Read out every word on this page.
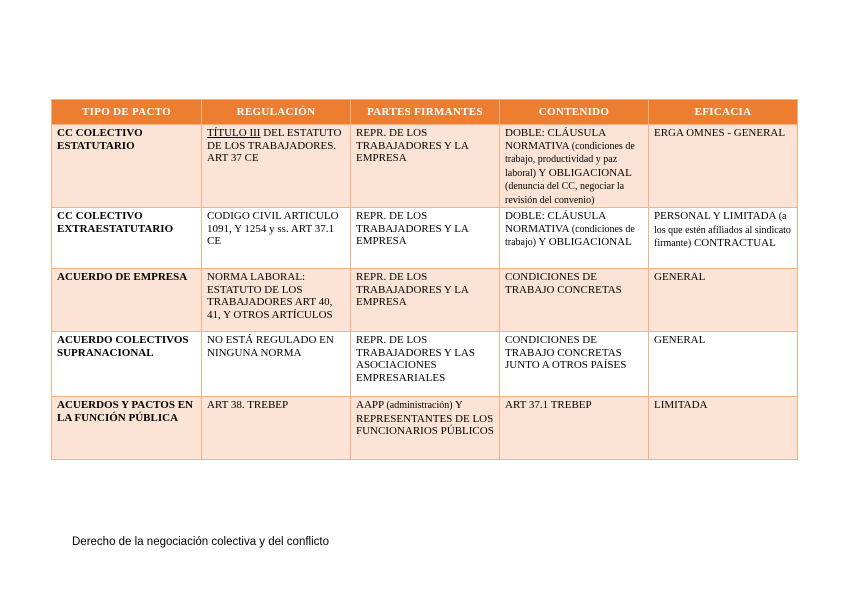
TIPO DE PACTO	REGULACIÓN	PARTES FIRMANTES	CONTENIDO	EFICACIA
CC COLECTIVO ESTATUTARIO	TÍTULO III DEL ESTATUTO DE LOS TRABAJADORES. ART 37 CE	REPR. DE LOS TRABAJADORES Y LA EMPRESA	DOBLE: CLÁUSULA NORMATIVA (condiciones de trabajo, productividad y paz laboral) Y OBLIGACIONAL (denuncia del CC, negociar la revisión del convenio)	ERGA OMNES - GENERAL
CC COLECTIVO EXTRAESTATUTARIO	CODIGO CIVIL ARTICULO 1091, Y 1254 y ss. ART 37.1 CE	REPR. DE LOS TRABAJADORES Y LA EMPRESA	DOBLE: CLÁUSULA NORMATIVA (condiciones de trabajo) Y OBLIGACIONAL	PERSONAL Y LIMITADA (a los que estén afiliados al sindicato firmante) CONTRACTUAL
ACUERDO DE EMPRESA	NORMA LABORAL: ESTATUTO DE LOS TRABAJADORES ART 40, 41, Y OTROS ARTÍCULOS	REPR. DE LOS TRABAJADORES Y LA EMPRESA	CONDICIONES DE TRABAJO CONCRETAS	GENERAL
ACUERDO COLECTIVOS SUPRANACIONAL	NO ESTÁ REGULADO EN NINGUNA NORMA	REPR. DE LOS TRABAJADORES Y LAS ASOCIACIONES EMPRESARIALES	CONDICIONES DE TRABAJO CONCRETAS JUNTO A OTROS PAÍSES	GENERAL
ACUERDOS Y PACTOS EN LA FUNCIÓN PÚBLICA	ART 38. TREBEP	AAPP (administración) Y REPRESENTANTES DE LOS FUNCIONARIOS PÚBLICOS	ART 37.1 TREBEP	LIMITADA
Derecho de la negociación colectiva y del conflicto
